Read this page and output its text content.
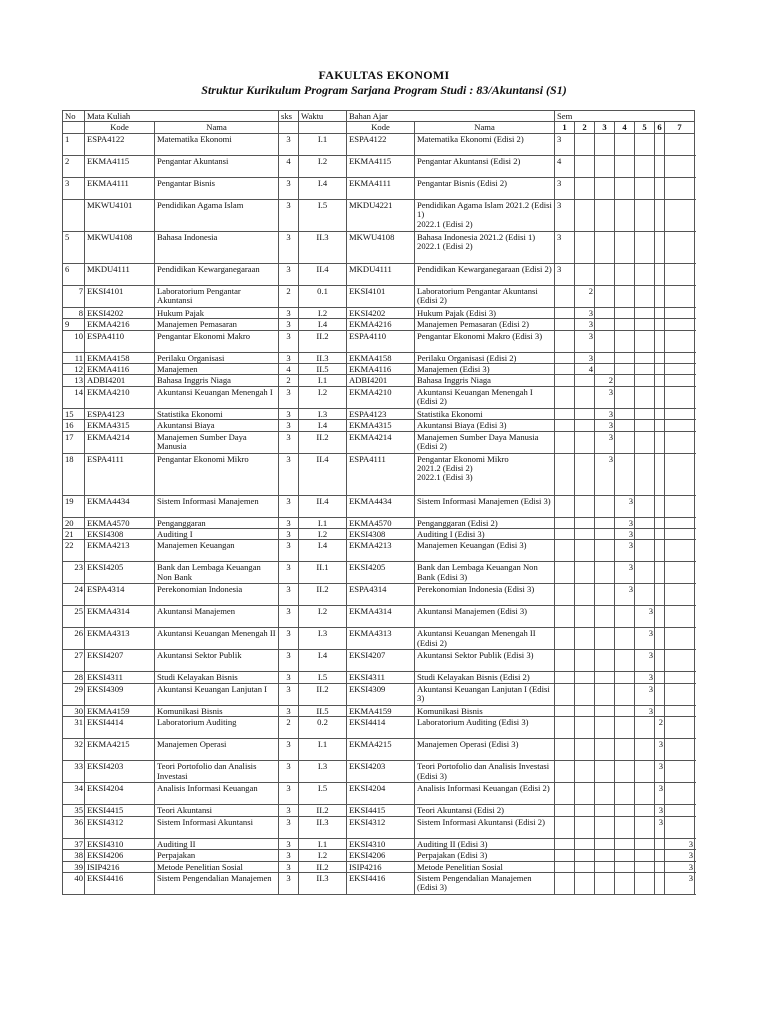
FAKULTAS EKONOMI
Struktur Kurikulum Program Sarjana Program Studi : 83/Akuntansi (S1)
No	Mata Kuliah		sks	Waktu	Bahan Ajar		Sem						
	Kode	Nama			Kode	Nama	1	2	3	4	5	6	7
1	ESPA4122	Matematika Ekonomi	3	I.1	ESPA4122	Matematika Ekonomi (Edisi 2)	3						
2	EKMA4115	Pengantar Akuntansi	4	I.2	EKMA4115	Pengantar Akuntansi (Edisi 2)	4						
3	EKMA4111	Pengantar Bisnis	3	I.4	EKMA4111	Pengantar Bisnis (Edisi 2)	3						
	MKWU4101	Pendidikan Agama Islam	3	I.5	MKDU4221	Pendidikan Agama Islam 2021.2 (Edisi 1)
2022.1 (Edisi 2)	3						
5	MKWU4108	Bahasa Indonesia	3	II.3	MKWU4108	Bahasa Indonesia 2021.2 (Edisi 1)
2022.1 (Edisi 2)	3						
6	MKDU4111	Pendidikan Kewarganegaraan	3	II.4	MKDU4111	Pendidikan Kewarganegaraan (Edisi 2)	3						
7	EKSI4101	Laboratorium Pengantar Akuntansi	2	0.1	EKSI4101	Laboratorium Pengantar Akuntansi (Edisi 2)		2					
8	EKSI4202	Hukum Pajak	3	I.2	EKSI4202	Hukum Pajak (Edisi 3)		3					
9	EKMA4216	Manajemen Pemasaran	3	I.4	EKMA4216	Manajemen Pemasaran (Edisi 2)		3					
10	ESPA4110	Pengantar Ekonomi Makro	3	II.2	ESPA4110	Pengantar Ekonomi Makro (Edisi 3)		3					
11	EKMA4158	Perilaku Organisasi	3	II.3	EKMA4158	Perilaku Organisasi (Edisi 2)		3					
12	EKMA4116	Manajemen	4	II.5	EKMA4116	Manajemen (Edisi 3)		4					
13	ADBI4201	Bahasa Inggris Niaga	2	I.1	ADBI4201	Bahasa Inggris Niaga			2				
14	EKMA4210	Akuntansi Keuangan Menengah I	3	I.2	EKMA4210	Akuntansi Keuangan Menengah I (Edisi 2)			3				
15	ESPA4123	Statistika Ekonomi	3	I.3	ESPA4123	Statistika Ekonomi			3				
16	EKMA4315	Akuntansi Biaya	3	I.4	EKMA4315	Akuntansi Biaya (Edisi 3)			3				
17	EKMA4214	Manajemen Sumber Daya Manusia	3	II.2	EKMA4214	Manajemen Sumber Daya Manusia (Edisi 2)			3				
18	ESPA4111	Pengantar Ekonomi Mikro	3	II.4	ESPA4111	Pengantar Ekonomi Mikro
2021.2 (Edisi 2)
2022.1 (Edisi 3)			3				
19	EKMA4434	Sistem Informasi Manajemen	3	II.4	EKMA4434	Sistem Informasi Manajemen (Edisi 3)				3			
20	EKMA4570	Penganggaran	3	I.1	EKMA4570	Penganggaran (Edisi 2)				3			
21	EKSI4308	Auditing I	3	I.2	EKSI4308	Auditing I (Edisi 3)				3			
22	EKMA4213	Manajemen Keuangan	3	I.4	EKMA4213	Manajemen Keuangan (Edisi 3)				3			
23	EKSI4205	Bank dan Lembaga Keuangan Non Bank	3	II.1	EKSI4205	Bank dan Lembaga Keuangan Non Bank (Edisi 3)				3			
24	ESPA4314	Perekonomian Indonesia	3	II.2	ESPA4314	Perekonomian Indonesia (Edisi 3)				3			
25	EKMA4314	Akuntansi Manajemen	3	I.2	EKMA4314	Akuntansi Manajemen (Edisi 3)					3		
26	EKMA4313	Akuntansi Keuangan Menengah II	3	I.3	EKMA4313	Akuntansi Keuangan Menengah II (Edisi 2)					3		
27	EKSI4207	Akuntansi Sektor Publik	3	I.4	EKSI4207	Akuntansi Sektor Publik (Edisi 3)					3		
28	EKSI4311	Studi Kelayakan Bisnis	3	I.5	EKSI4311	Studi Kelayakan Bisnis (Edisi 2)					3		
29	EKSI4309	Akuntansi Keuangan Lanjutan I	3	II.2	EKSI4309	Akuntansi Keuangan Lanjutan I (Edisi 3)					3		
30	EKMA4159	Komunikasi Bisnis	3	II.5	EKMA4159	Komunikasi Bisnis					3		
31	EKSI4414	Laboratorium Auditing	2	0.2	EKSI4414	Laboratorium Auditing (Edisi 3)						2	
32	EKMA4215	Manajemen Operasi	3	I.1	EKMA4215	Manajemen Operasi (Edisi 3)						3	
33	EKSI4203	Teori Portofolio dan Analisis Investasi	3	I.3	EKSI4203	Teori Portofolio dan Analisis Investasi (Edisi 3)						3	
34	EKSI4204	Analisis Informasi Keuangan	3	I.5	EKSI4204	Analisis Informasi Keuangan (Edisi 2)						3	
35	EKSI4415	Teori Akuntansi	3	II.2	EKSI4415	Teori Akuntansi (Edisi 2)						3	
36	EKSI4312	Sistem Informasi Akuntansi	3	II.3	EKSI4312	Sistem Informasi Akuntansi (Edisi 2)						3	
37	EKSI4310	Auditing II	3	I.1	EKSI4310	Auditing II (Edisi 3)							3
38	EKSI4206	Perpajakan	3	I.2	EKSI4206	Perpajakan (Edisi 3)							3
39	ISIP4216	Metode Penelitian Sosial	3	II.2	ISIP4216	Metode Penelitian Sosial							3
40	EKSI4416	Sistem Pengendalian Manajemen	3	II.3	EKSI4416	Sistem Pengendalian Manajemen (Edisi 3)							3
